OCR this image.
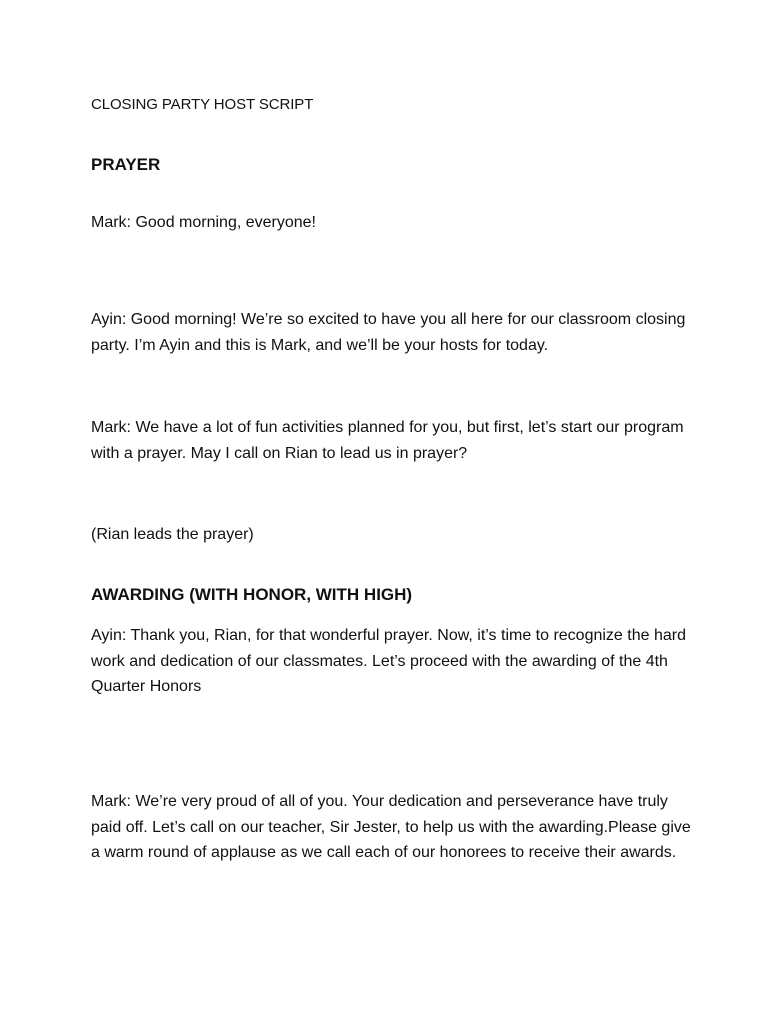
CLOSING PARTY HOST SCRIPT

PRAYER

Mark: Good morning, everyone!

Ayin: Good morning! We’re so excited to have you all here for our classroom closing party. I’m Ayin and this is Mark, and we’ll be your hosts for today.

Mark: We have a lot of fun activities planned for you, but first, let’s start our program with a prayer. May I call on Rian to lead us in prayer?

(Rian leads the prayer)

AWARDING (WITH HONOR, WITH HIGH)

Ayin: Thank you, Rian, for that wonderful prayer. Now, it’s time to recognize the hard work and dedication of our classmates. Let’s proceed with the awarding of the 4th Quarter Honors

Mark: We’re very proud of all of you. Your dedication and perseverance have truly paid off. Let’s call on our teacher, Sir Jester, to help us with the awarding.Please give a warm round of applause as we call each of our honorees to receive their awards.
